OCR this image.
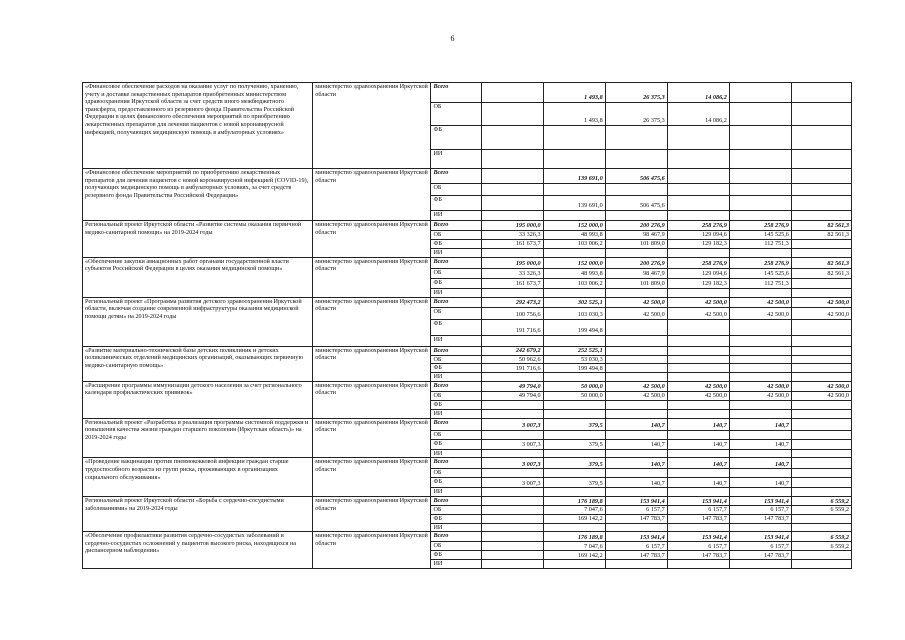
6
«Финансовое обеспечение расходов на оказание услуг по получению, хранению, учету и доставке лекарственных препаратов приобретенных министерством здравоохранения Иркутской области за счет средств иного межбюджетного трансферта, предоставленного из резервного фонда Правительства Российской Федерации в целях финансового обеспечения мероприятий по приобретению лекарственных препаратов для лечения пациентов с новой коронавирусной инфекцией, получающих медицинскую помощь в амбулаторных условиях»	министерство здравоохранения Иркутской области	Всего		1 493,8	26 375,3	14 086,2		
		ОБ		1 493,8	26 375,3	14 086,2		
		ФБ						
		ИИ						
«Финансовое обеспечение мероприятий по приобретению лекарственных препаратов для лечения пациентов с новой коронавирусной инфекцией (COVID-19), получающих медицинскую помощь в амбулаторных условиях, за счет средств резервного фонда Правительства Российской Федерации»	министерство здравоохранения Иркутской области	Всего		139 691,0	506 475,6			
		ОБ						
		ФБ		139 691,0	506 475,6			
		ИИ						
Региональный проект Иркутской области «Развитие системы оказания первичной медико-санитарной помощи» на 2019-2024 годы	министерство здравоохранения Иркутской области	Всего	195 000,0	152 000,0	200 276,9	258 276,9	258 276,9	82 561,3
		ОБ	33 326,3	48 993,8	98 467,9	129 094,6	145 525,6	82 561,3
		ФБ	161 673,7	103 006,2	101 809,0	129 182,3	112 751,3	
		ИИ						
«Обеспечение закупки авиационных работ органами государственной власти субъектов Российской Федерации в целях оказания медицинской помощи»	министерство здравоохранения Иркутской области	Всего	195 000,0	152 000,0	200 276,9	258 276,9	258 276,9	82 561,3
		ОБ	33 326,3	48 993,8	98 467,9	129 094,6	145 525,6	82 561,3
		ФБ	161 673,7	103 006,2	101 809,0	129 182,3	112 751,3	
		ИИ						
Региональный проект «Программа развития детского здравоохранения Иркутской области, включая создание современной инфраструктуры оказания медицинской помощи детям» на 2019-2024 годы	министерство здравоохранения Иркутской области	Всего	292 473,2	302 525,1	42 500,0	42 500,0	42 500,0	42 500,0
		ОБ	100 756,6	103 030,3	42 500,0	42 500,0	42 500,0	42 500,0
		ФБ	191 716,6	199 494,8				
		ИИ						
«Развитие материально-технической базы детских поликлиник и детских поликлинических отделений медицинских организаций, оказывающих первичную медико-санитарную помощь»	министерство здравоохранения Иркутской области	Всего	242 679,2	252 525,1				
		ОБ	50 962,6	53 030,3				
		ФБ	191 716,6	199 494,8				
		ИИ						
«Расширение программы иммунизации детского населения за счет регионального календаря профилактических прививок»	министерство здравоохранения Иркутской области	Всего	49 794,0	50 000,0	42 500,0	42 500,0	42 500,0	42 500,0
		ОБ	49 794,0	50 000,0	42 500,0	42 500,0	42 500,0	42 500,0
		ФБ						
		ИИ						
Региональный проект «Разработка и реализация программы системной поддержки и повышения качества жизни граждан старшего поколения (Иркутская область)» на 2019-2024 годы	министерство здравоохранения Иркутской области	Всего	3 007,3	379,5	140,7	140,7	140,7	
		ОБ						
		ФБ	3 007,3	379,5	140,7	140,7	140,7	
		ИИ						
«Проведение вакцинации против пневмококковой инфекции граждан старше трудоспособного возраста из групп риска, проживающих в организациях социального обслуживания»	министерство здравоохранения Иркутской области	Всего	3 007,3	379,5	140,7	140,7	140,7	
		ОБ						
		ФБ	3 007,3	379,5	140,7	140,7	140,7	
		ИИ						
Региональный проект Иркутской области «Борьба с сердечно-сосудистыми заболеваниями» на 2019-2024 годы	министерство здравоохранения Иркутской области	Всего		176 189,8	153 941,4	153 941,4	153 941,4	6 559,2
		ОБ		7 047,6	6 157,7	6 157,7	6 157,7	6 559,2
		ФБ		169 142,2	147 783,7	147 783,7	147 783,7	
		ИИ						
«Обеспечение профилактики развития сердечно-сосудистых заболеваний и сердечно-сосудистых осложнений у пациентов высокого риска, находящихся на диспансерном наблюдении»	министерство здравоохранения Иркутской области	Всего		176 189,8	153 941,4	153 941,4	153 941,4	6 559,2
		ОБ		7 047,6	6 157,7	6 157,7	6 157,7	6 559,2
		ФБ		169 142,2	147 783,7	147 783,7	147 783,7	
		ИИ						
